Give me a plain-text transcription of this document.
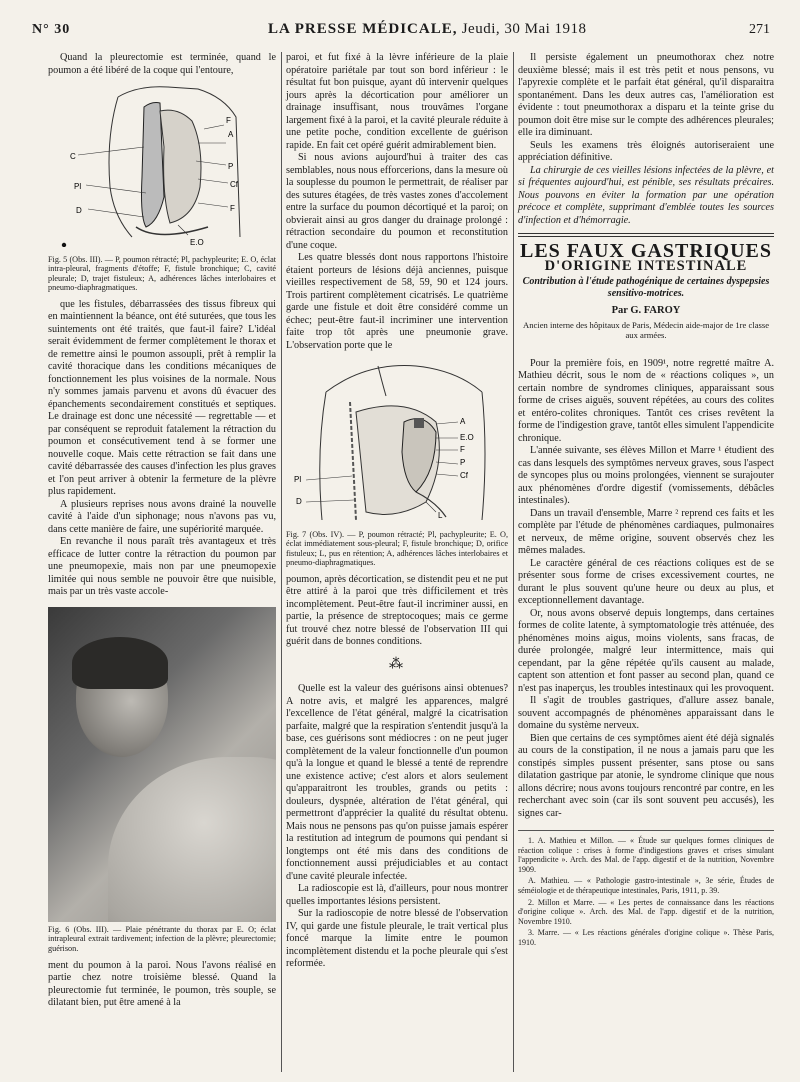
N° 30	LA PRESSE MÉDICALE, Jeudi, 30 Mai 1918	271

Quand la pleurectomie est terminée, quand le poumon a été libéré de la coque qui l'entoure,

C
Pl
D
F
A
P
Cf
F
E.O
Fig. 5 (Obs. III). — P, poumon rétracté; Pl, pachypleurite; E. O, éclat intra-pleural, fragments d'étoffe; F, fistule bronchique; C, cavité pleurale; D, trajet fistuleux; A, adhérences lâches interlobaires et pneumo-diaphragmatiques.

que les fistules, débarrassées des tissus fibreux qui en maintiennent la béance, ont été suturées, que tous les suintements ont été traités, que faut-il faire? L'idéal serait évidemment de fermer complètement le thorax et de remettre ainsi le poumon assoupli, prêt à remplir la cavité thoracique dans les conditions mécaniques de fonctionnement les plus voisines de la normale. Nous n'y sommes jamais parvenu et avons dû évacuer des épanchements secondairement constitués et septiques. Le drainage est donc une nécessité — regrettable — et par conséquent se reproduit fatalement la rétraction du poumon et consécutivement tend à se former une nouvelle coque. Mais cette rétraction se fait dans une cavité débarrassée des causes d'infection les plus graves et l'on peut arriver à obtenir la fermeture de la plèvre plus rapidement.

A plusieurs reprises nous avons drainé la nouvelle cavité à l'aide d'un siphonage; nous n'avons pas vu, dans cette manière de faire, une supériorité marquée.

En revanche il nous paraît très avantageux et très efficace de lutter contre la rétraction du poumon par une pneumopexie, mais non par une pneumopexie limitée qui nous semble ne pouvoir être que nuisible, mais par un très vaste accole-

Fig. 6 (Obs. III). — Plaie pénétrante du thorax par E. O; éclat intrapleural extrait tardivement; infection de la plèvre; pleurectomie; guérison.

ment du poumon à la paroi. Nous l'avons réalisé en partie chez notre troisième blessé. Quand la pleurectomie fut terminée, le poumon, très souple, se dilatant bien, put être amené à la

paroi, et fut fixé à la lèvre inférieure de la plaie opératoire pariétale par tout son bord inférieur : le résultat fut bon puisque, ayant dû intervenir quelques jours après la décortication pour améliorer un drainage insuffisant, nous trouvâmes l'organe largement fixé à la paroi, et la cavité pleurale réduite à une petite poche, condition excellente de guérison rapide. En fait cet opéré guérit admirablement bien.

Si nous avions aujourd'hui à traiter des cas semblables, nous nous efforcerions, dans la mesure où la souplesse du poumon le permettrait, de réaliser par des sutures étagées, de très vastes zones d'accolement entre la surface du poumon décortiqué et la paroi; on obvierait ainsi au gros danger du drainage prolongé : rétraction secondaire du poumon et reconstitution d'une coque.

Les quatre blessés dont nous rapportons l'histoire étaient porteurs de lésions déjà anciennes, puisque vieilles respectivement de 58, 59, 90 et 124 jours. Trois partirent complètement cicatrisés. Le quatrième garde une fistule et doit être considéré comme un échec; peut-être faut-il incriminer une intervention faite trop tôt après une pneumonie grave. L'observation porte que le

A
E.O
F
P
Cf
Pl
D
L
Fig. 7 (Obs. IV). — P, poumon rétracté; Pl, pachypleurite; E. O, éclat immédiatement sous-pleural; F, fistule bronchique; D, orifice fistuleux; L, pus en rétention; A, adhérences lâches interlobaires et pneumo-diaphragmatiques.

poumon, après décortication, se distendit peu et ne put être attiré à la paroi que très difficilement et très incomplètement. Peut-être faut-il incriminer aussi, en partie, la présence de streptocoques; mais ce germe fut trouvé chez notre blessé de l'observation III qui guérit dans de bonnes conditions.

⁂

Quelle est la valeur des guérisons ainsi obtenues? A notre avis, et malgré les apparences, malgré l'excellence de l'état général, malgré la cicatrisation parfaite, malgré que la respiration s'entendit jusqu'à la base, ces guérisons sont médiocres : on ne peut juger complètement de la valeur fonctionnelle d'un poumon qu'à la longue et quand le blessé a tenté de reprendre une existence active; c'est alors et alors seulement qu'apparaitront les troubles, grands ou petits : douleurs, dyspnée, altération de l'état général, qui permettront d'apprécier la qualité du résultat obtenu. Mais nous ne pensons pas qu'on puisse jamais espérer la restitution ad integrum de poumons qui pendant si longtemps ont été mis dans des conditions de fonctionnement aussi préjudiciables et au contact d'une cavité pleurale infectée.

La radioscopie est là, d'ailleurs, pour nous montrer quelles importantes lésions persistent.

Sur la radioscopie de notre blessé de l'observation IV, qui garde une fistule pleurale, le trait vertical plus foncé marque la limite entre le poumon incomplètement distendu et la poche pleurale qui s'est reformée.

Il persiste également un pneumothorax chez notre deuxième blessé; mais il est très petit et nous pensons, vu l'apyrexie complète et le parfait état général, qu'il disparaitra spontanément. Dans les deux autres cas, l'amélioration est évidente : tout pneumothorax a disparu et la teinte grise du poumon doit être mise sur le compte des adhérences pleurales; elle ira diminuant.

Seuls les examens très éloignés autoriseraient une appréciation définitive.

La chirurgie de ces vieilles lésions infectées de la plèvre, et si fréquentes aujourd'hui, est pénible, ses résultats précaires. Nous pouvons en éviter la formation par une opération précoce et complète, supprimant d'emblée toutes les sources d'infection et d'hémorragie.

LES FAUX GASTRIQUES
D'ORIGINE INTESTINALE
Contribution à l'étude pathogénique de certaines dyspepsies sensitivo-motrices.
Par G. FAROY
Ancien interne des hôpitaux de Paris, Médecin aide-major de 1re classe aux armées.

Pour la première fois, en 1909¹, notre regretté maître A. Mathieu décrit, sous le nom de « réactions coliques », un certain nombre de syndromes cliniques, apparaissant sous forme de crises aiguës, souvent répétées, au cours des colites et entéro-colites chroniques. Tantôt ces crises revêtent la forme de l'indigestion grave, tantôt elles simulent l'appendicite chronique.

L'année suivante, ses élèves Millon et Marre ¹ étudient des cas dans lesquels des symptômes nerveux graves, sous l'aspect de syncopes plus ou moins prolongées, viennent se surajouter aux phénomènes d'ordre digestif (vomissements, débâcles intestinales).

Dans un travail d'ensemble, Marre ² reprend ces faits et les complète par l'étude de phénomènes cardiaques, pulmonaires et nerveux, de même origine, souvent observés chez les mêmes malades.

Le caractère général de ces réactions coliques est de se présenter sous forme de crises excessivement courtes, ne durant le plus souvent qu'une heure ou deux au plus, et exceptionnellement davantage.

Or, nous avons observé depuis longtemps, dans certaines formes de colite latente, à symptomatologie très atténuée, des phénomènes moins aigus, moins violents, sans fracas, de durée prolongée, malgré leur intermittence, mais qui cependant, par la gêne répétée qu'ils causent au malade, captent son attention et font passer au second plan, quand ce n'est pas inaperçus, les troubles intestinaux qui les provoquent.

Il s'agit de troubles gastriques, d'allure assez banale, souvent accompagnés de phénomènes apparaissant dans le domaine du système nerveux.

Bien que certains de ces symptômes aient été déjà signalés au cours de la constipation, il ne nous a jamais paru que les constipés simples pussent présenter, sans ptose ou sans dilatation gastrique par atonie, le syndrome clinique que nous allons décrire; nous avons toujours rencontré par contre, en les recherchant avec soin (car ils sont souvent peu accusés), les signes car-

1. A. Mathieu et Millon. — « Étude sur quelques formes cliniques de réaction colique : crises à forme d'indigestions graves et crises simulant l'appendicite ». Arch. des Mal. de l'app. digestif et de la nutrition, Novembre 1909.
A. Mathieu. — « Pathologie gastro-intestinale », 3e série, Études de séméiologie et de thérapeutique intestinales, Paris, 1911, p. 39.
2. Millon et Marre. — « Les pertes de connaissance dans les réactions d'origine colique ». Arch. des Mal. de l'app. digestif et de la nutrition, Novembre 1910.
3. Marre. — « Les réactions générales d'origine colique ». Thèse Paris, 1910.
